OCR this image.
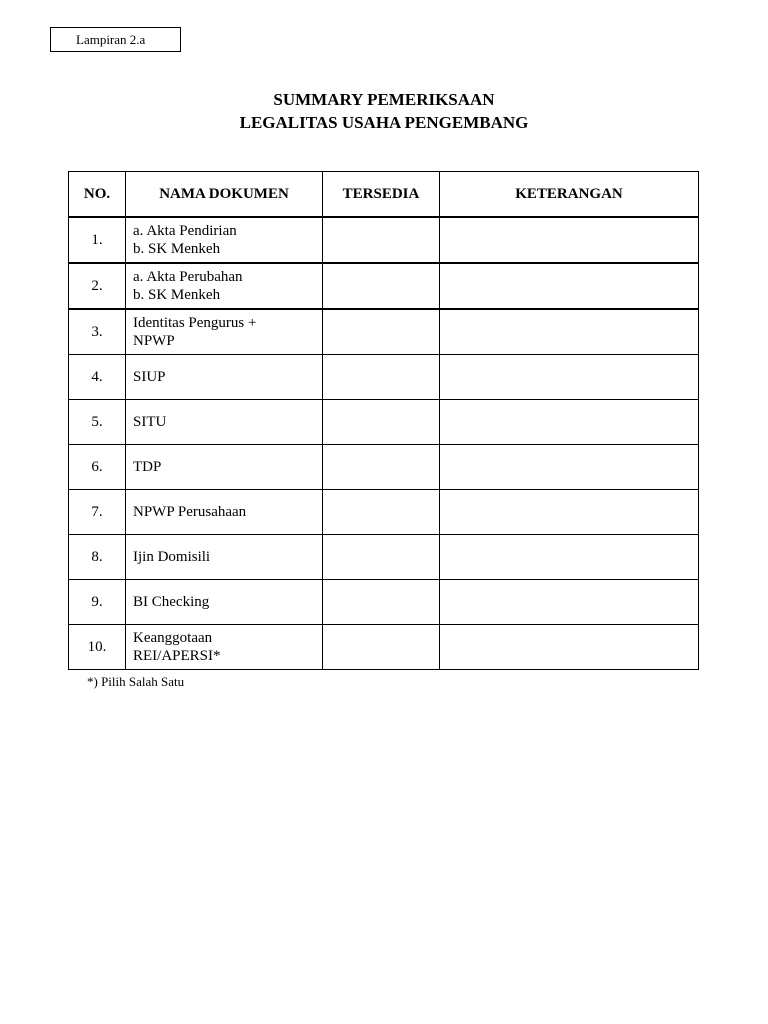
Lampiran 2.a
SUMMARY PEMERIKSAAN
LEGALITAS USAHA PENGEMBANG
NO.	NAMA DOKUMEN	TERSEDIA	KETERANGAN
1.	a. Akta Pendirian
b. SK Menkeh		

2.	a. Akta Perubahan
b. SK Menkeh		

3.	Identitas Pengurus +
NPWP		

4.	SIUP		
5.	SITU		
6.	TDP		
7.	NPWP Perusahaan		
8.	Ijin Domisili		
9.	BI Checking		
10.	Keanggotaan
REI/APERSI*		

*) Pilih Salah Satu
